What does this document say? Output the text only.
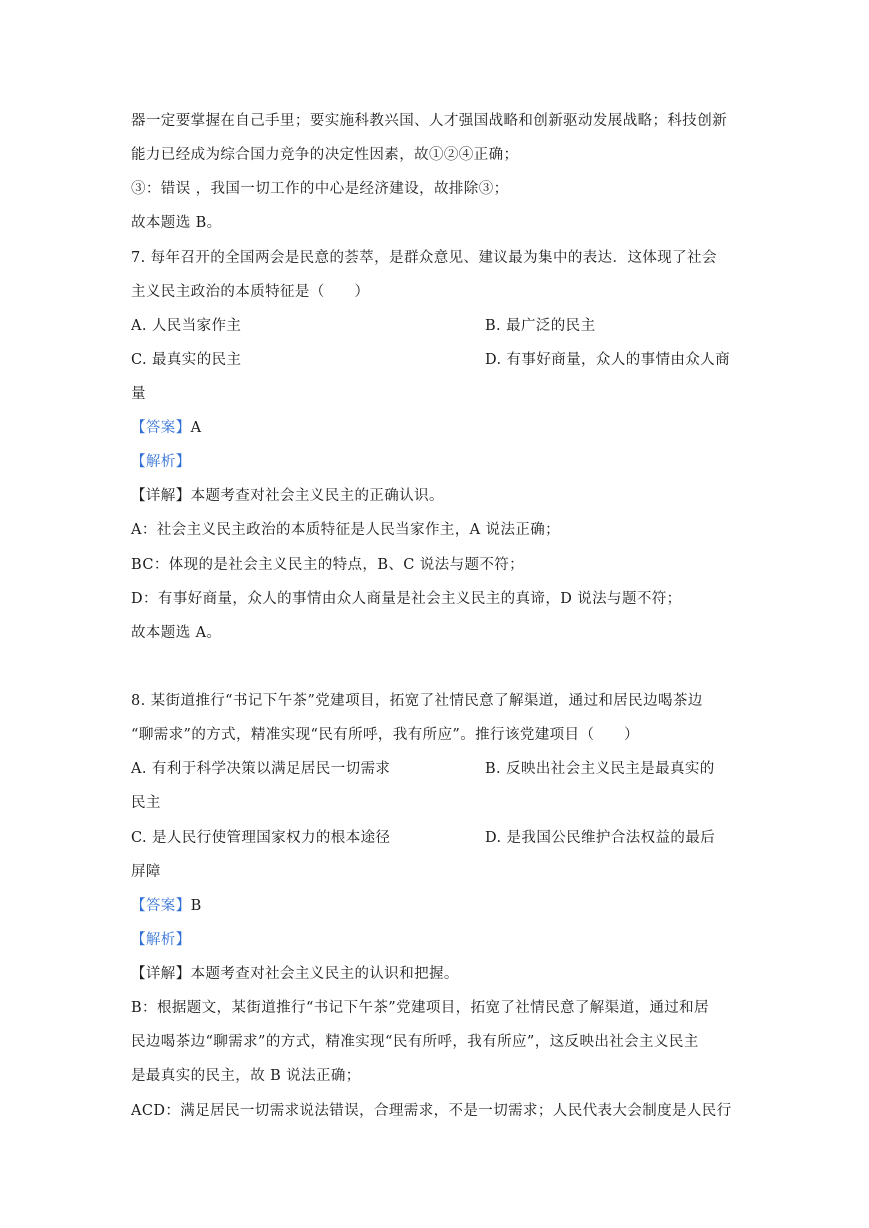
器一定要掌握在自己手里；要实施科教兴国、人才强国战略和创新驱动发展战略；科技创新
能力已经成为综合国力竞争的决定性因素，故①②④正确；
③：错误 ，我国一切工作的中心是经济建设，故排除③；
故本题选 B。
7. 每年召开的全国两会是民意的荟萃，是群众意见、建议最为集中的表达．这体现了社会
主义民主政治的本质特征是（　　）
A. 人民当家作主	B. 最广泛的民主
C. 最真实的民主	D. 有事好商量，众人的事情由众人商
量
【答案】A
【解析】
【详解】本题考查对社会主义民主的正确认识。
A：社会主义民主政治的本质特征是人民当家作主，A 说法正确；
BC：体现的是社会主义民主的特点，B、C 说法与题不符；
D：有事好商量，众人的事情由众人商量是社会主义民主的真谛，D 说法与题不符；
故本题选 A。
8. 某街道推行“书记下午茶”党建项目，拓宽了社情民意了解渠道，通过和居民边喝茶边
“聊需求”的方式，精准实现“民有所呼，我有所应”。推行该党建项目（　　）
A. 有利于科学决策以满足居民一切需求	B. 反映出社会主义民主是最真实的
民主
C. 是人民行使管理国家权力的根本途径	D. 是我国公民维护合法权益的最后
屏障
【答案】B
【解析】
【详解】本题考查对社会主义民主的认识和把握。
B：根据题文，某街道推行“书记下午茶”党建项目，拓宽了社情民意了解渠道，通过和居
民边喝茶边“聊需求”的方式，精准实现“民有所呼，我有所应”，这反映出社会主义民主
是最真实的民主，故 B 说法正确；
ACD：满足居民一切需求说法错误，合理需求，不是一切需求；人民代表大会制度是人民行
